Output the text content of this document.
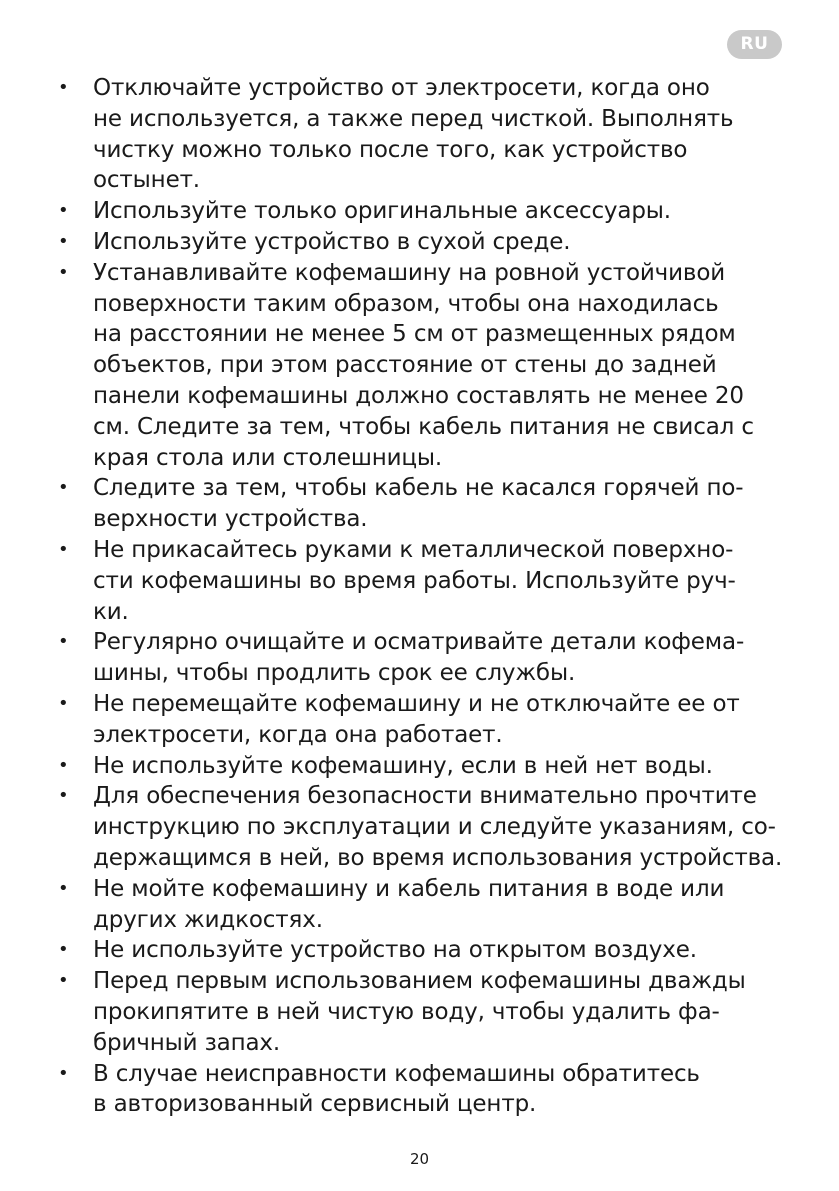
RU
• Отключайте устройство от электросети, когда оно
не используется, а также перед чисткой. Выполнять
чистку можно только после того, как устройство
остынет.
• Используйте только оригинальные аксессуары.
• Используйте устройство в сухой среде.
• Устанавливайте кофемашину на ровной устойчивой
поверхности таким образом, чтобы она находилась
на расстоянии не менее 5 см от размещенных рядом
объектов, при этом расстояние от стены до задней
панели кофемашины должно составлять не менее 20
см. Следите за тем, чтобы кабель питания не свисал с
края стола или столешницы.
• Следите за тем, чтобы кабель не касался горячей по-
верхности устройства.
• Не прикасайтесь руками к металлической поверхно-
сти кофемашины во время работы. Используйте руч-
ки.
• Регулярно очищайте и осматривайте детали кофема-
шины, чтобы продлить срок ее службы.
• Не перемещайте кофемашину и не отключайте ее от
электросети, когда она работает.
• Не используйте кофемашину, если в ней нет воды.
• Для обеспечения безопасности внимательно прочтите
инструкцию по эксплуатации и следуйте указаниям, со-
держащимся в ней, во время использования устройства.
• Не мойте кофемашину и кабель питания в воде или
других жидкостях.
• Не используйте устройство на открытом воздухе.
• Перед первым использованием кофемашины дважды
прокипятите в ней чистую воду, чтобы удалить фа-
бричный запах.
• В случае неисправности кофемашины обратитесь
в авторизованный сервисный центр.
20
